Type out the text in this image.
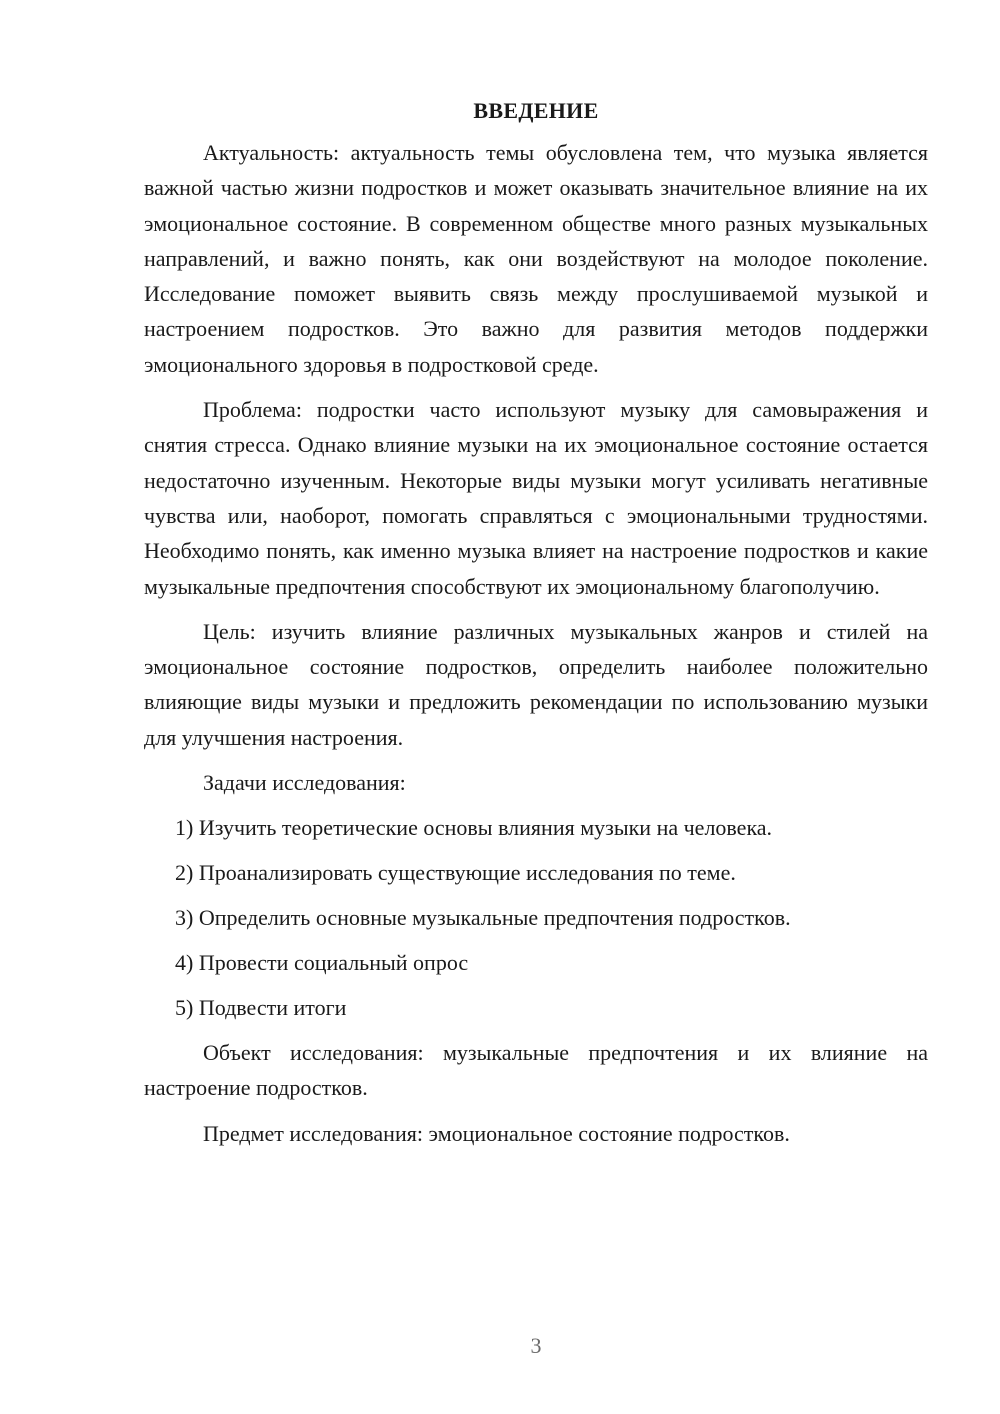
ВВЕДЕНИЕ

Актуальность: актуальность темы обусловлена тем, что музыка является важной частью жизни подростков и может оказывать значительное влияние на их эмоциональное состояние. В современном обществе много разных музыкальных направлений, и важно понять, как они воздействуют на молодое поколение. Исследование поможет выявить связь между прослушиваемой музыкой и настроением подростков. Это важно для развития методов поддержки эмоционального здоровья в подростковой среде.

Проблема: подростки часто используют музыку для самовыражения и снятия стресса. Однако влияние музыки на их эмоциональное состояние остается недостаточно изученным. Некоторые виды музыки могут усиливать негативные чувства или, наоборот, помогать справляться с эмоциональными трудностями. Необходимо понять, как именно музыка влияет на настроение подростков и какие музыкальные предпочтения способствуют их эмоциональному благополучию.

Цель: изучить влияние различных музыкальных жанров и стилей на эмоциональное состояние подростков, определить наиболее положительно влияющие виды музыки и предложить рекомендации по использованию музыки для улучшения настроения.

Задачи исследования:

1) Изучить теоретические основы влияния музыки на человека.
2) Проанализировать существующие исследования по теме.
3) Определить основные музыкальные предпочтения подростков.
4) Провести социальный опрос
5) Подвести итоги

Объект исследования: музыкальные предпочтения и их влияние на настроение подростков.

Предмет исследования: эмоциональное состояние подростков.

3
